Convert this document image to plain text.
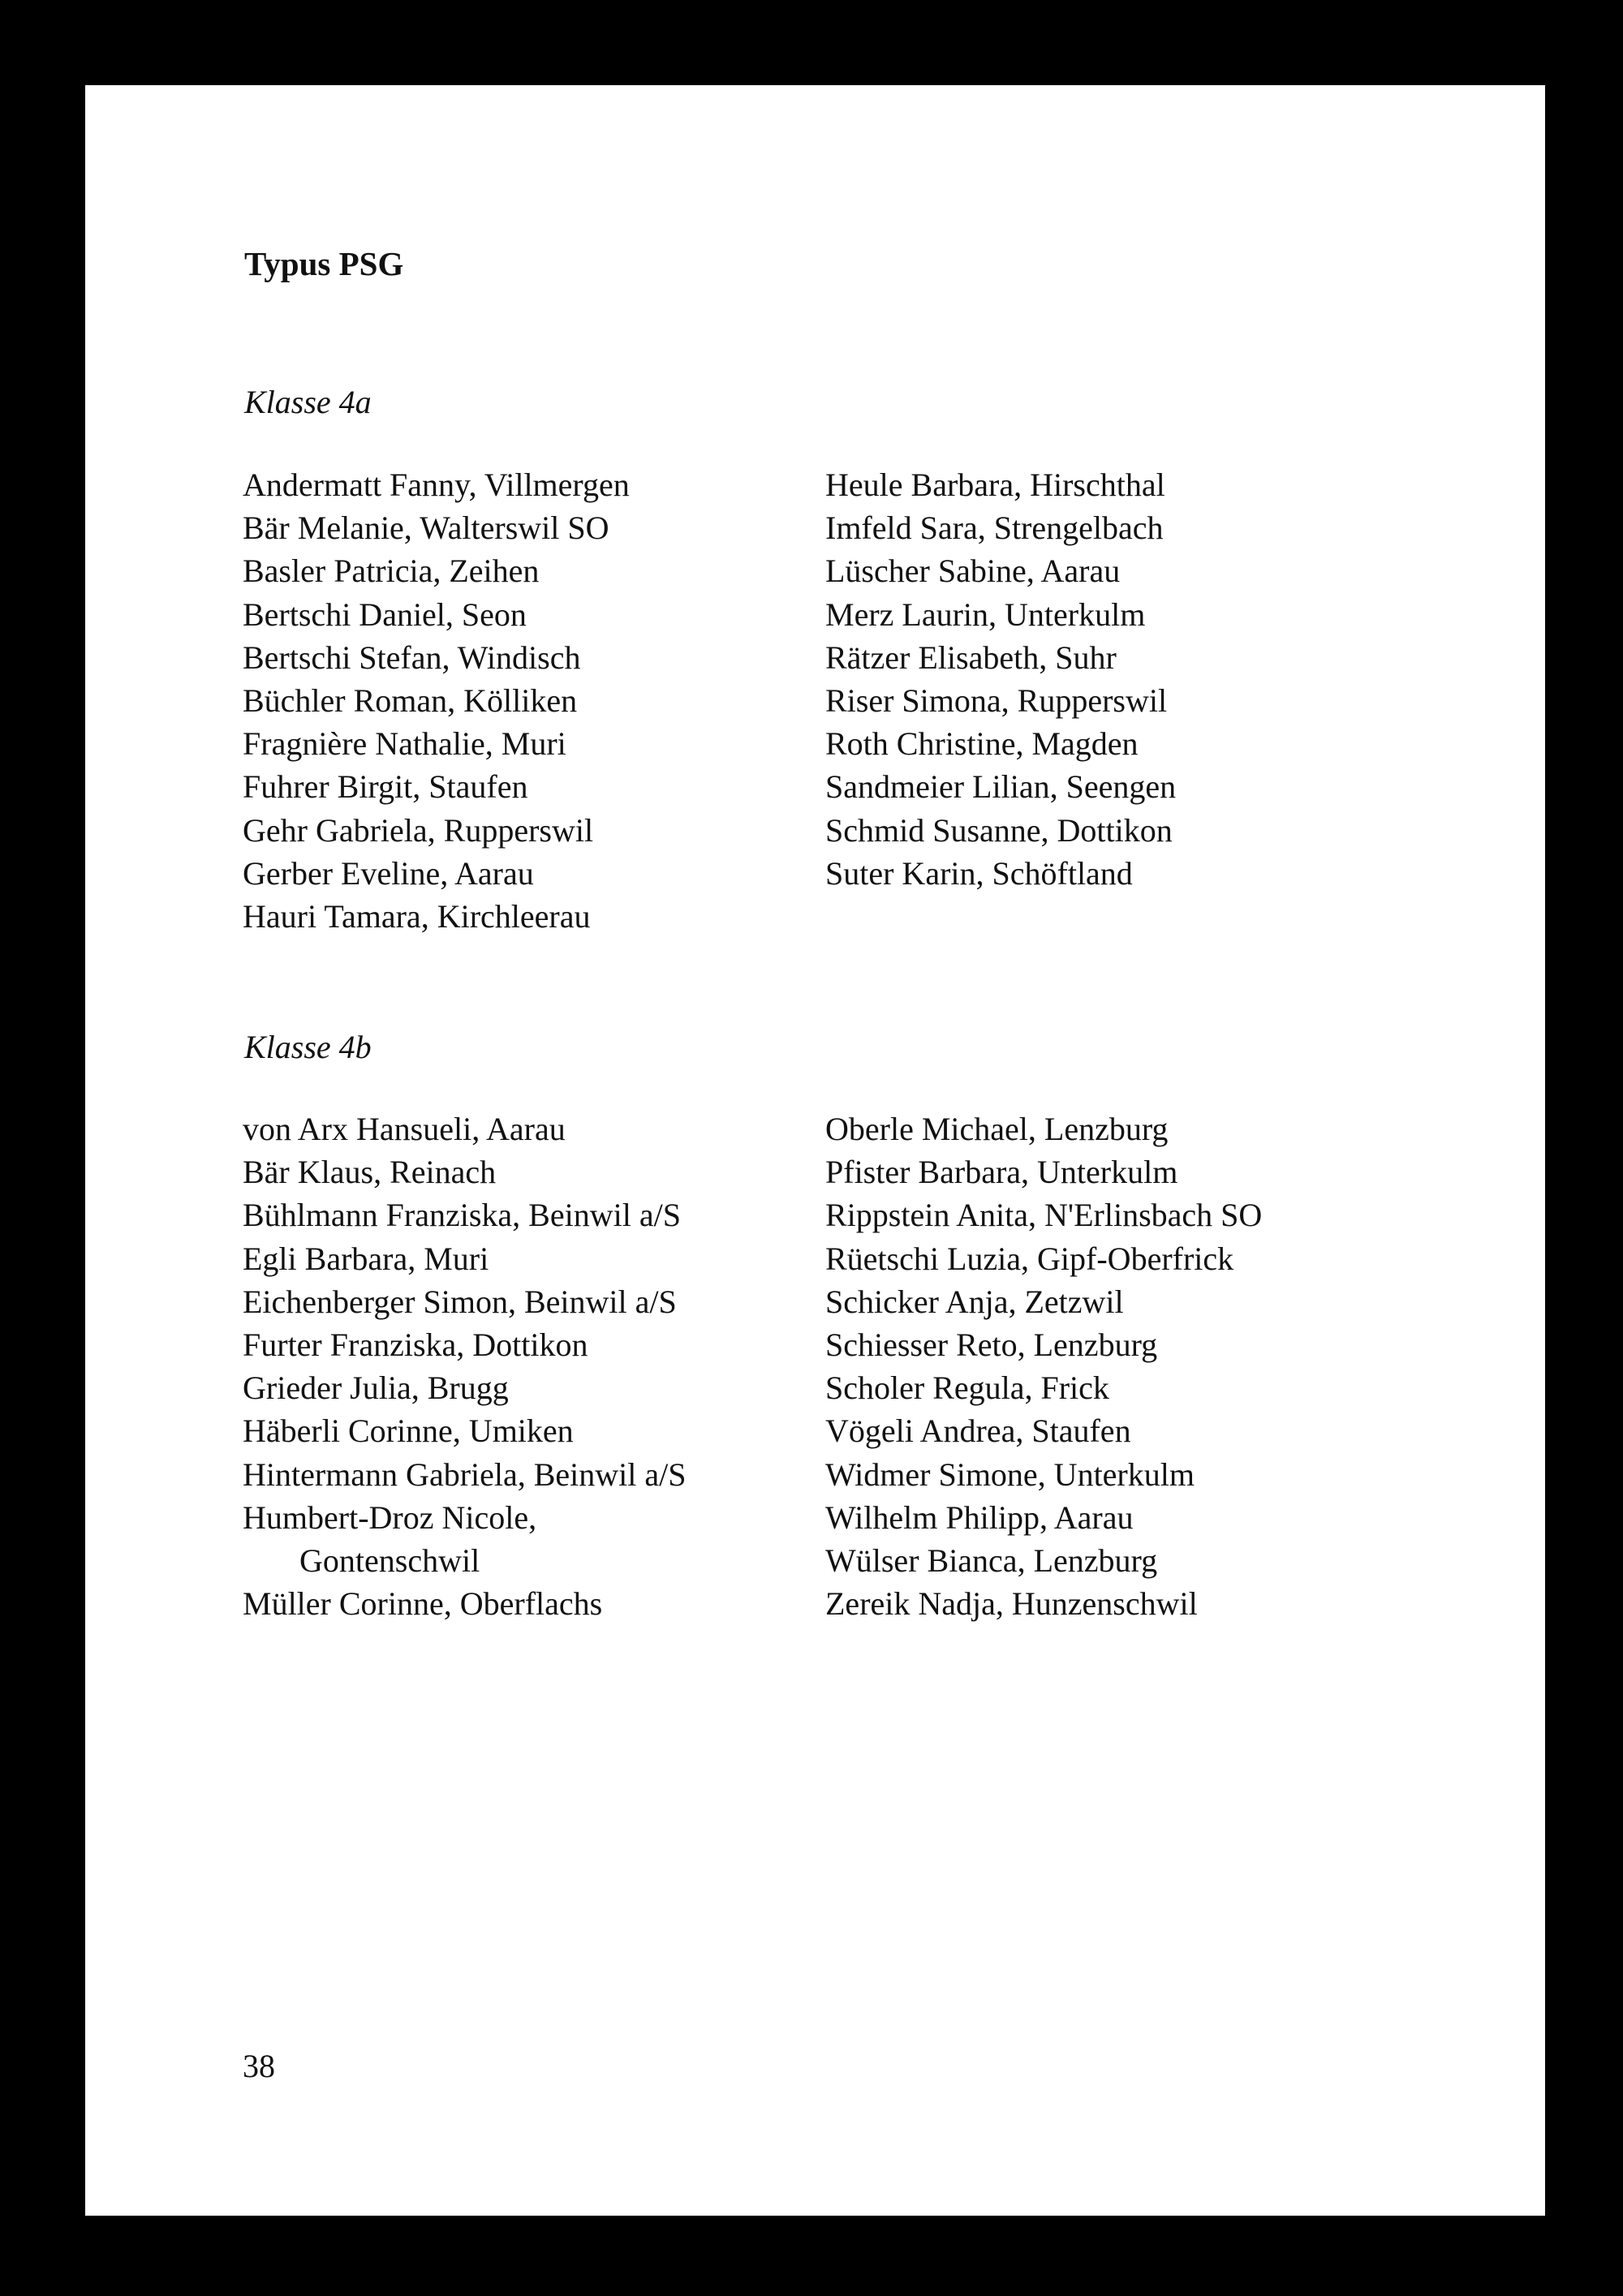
Typus PSG
Klasse 4a
Andermatt Fanny, Villmergen
Bär Melanie, Walterswil SO
Basler Patricia, Zeihen
Bertschi Daniel, Seon
Bertschi Stefan, Windisch
Büchler Roman, Kölliken
Fragnière Nathalie, Muri
Fuhrer Birgit, Staufen
Gehr Gabriela, Rupperswil
Gerber Eveline, Aarau
Hauri Tamara, Kirchleerau
Heule Barbara, Hirschthal
Imfeld Sara, Strengelbach
Lüscher Sabine, Aarau
Merz Laurin, Unterkulm
Rätzer Elisabeth, Suhr
Riser Simona, Rupperswil
Roth Christine, Magden
Sandmeier Lilian, Seengen
Schmid Susanne, Dottikon
Suter Karin, Schöftland
Klasse 4b
von Arx Hansueli, Aarau
Bär Klaus, Reinach
Bühlmann Franziska, Beinwil a/S
Egli Barbara, Muri
Eichenberger Simon, Beinwil a/S
Furter Franziska, Dottikon
Grieder Julia, Brugg
Häberli Corinne, Umiken
Hintermann Gabriela, Beinwil a/S
Humbert-Droz Nicole,
Gontenschwil
Müller Corinne, Oberflachs
Oberle Michael, Lenzburg
Pfister Barbara, Unterkulm
Rippstein Anita, N'Erlinsbach SO
Rüetschi Luzia, Gipf-Oberfrick
Schicker Anja, Zetzwil
Schiesser Reto, Lenzburg
Scholer Regula, Frick
Vögeli Andrea, Staufen
Widmer Simone, Unterkulm
Wilhelm Philipp, Aarau
Wülser Bianca, Lenzburg
Zereik Nadja, Hunzenschwil
38
